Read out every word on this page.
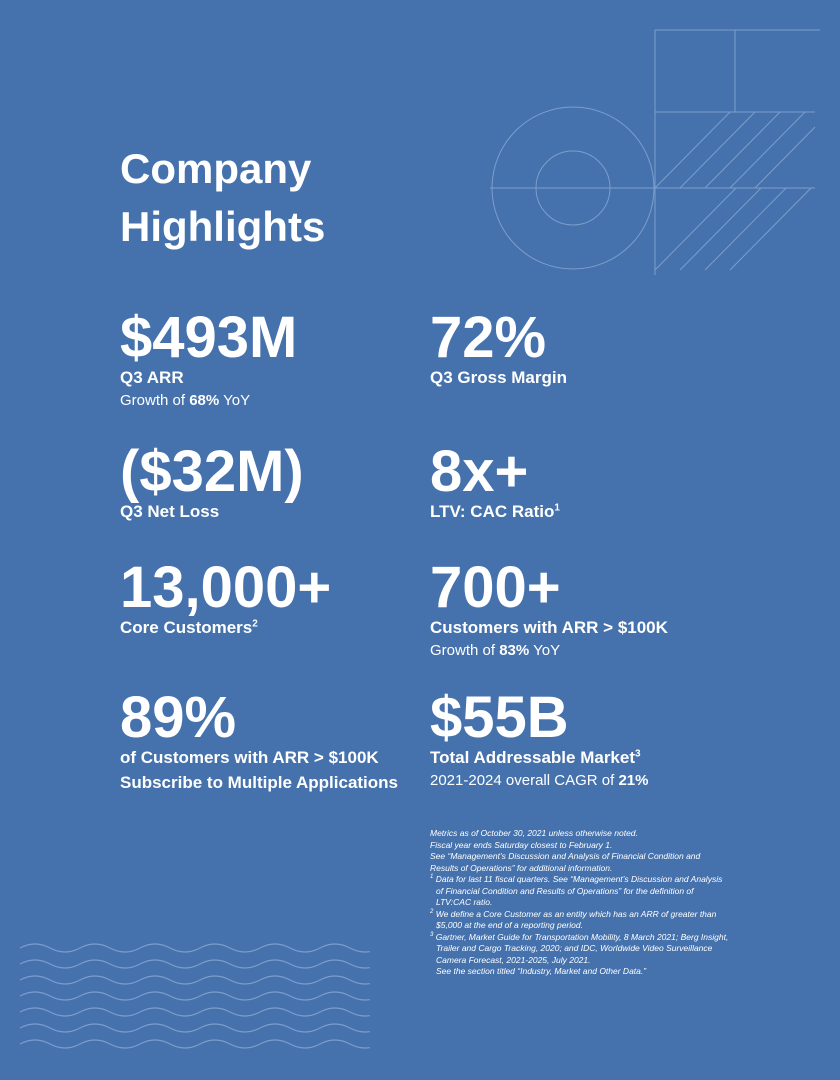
Company
Highlights
$493M
Q3 ARR
Growth of 68% YoY
72%
Q3 Gross Margin
($32M)
Q3 Net Loss
8x+
LTV: CAC Ratio$^1$
13,000+
Core Customers$^2$
700+
Customers with ARR > $100K
Growth of 83% YoY
89%
of Customers with ARR > $100K
Subscribe to Multiple Applications
$55B
Total Addressable Market$^3$
2021-2024 overall CAGR of 21%

Metrics as of October 30, 2021 unless otherwise noted.
Fiscal year ends Saturday closest to February 1.
See “Management’s Discussion and Analysis of Financial Condition and Results of Operations” for additional information.

$^1$ Data for last 11 fiscal quarters. See “Management’s Discussion and Analysis of Financial Condition and Results of Operations” for the definition of LTV:CAC ratio.

$^2$ We define a Core Customer as an entity which has an ARR of greater than $5,000 at the end of a reporting period.

$^3$ Gartner, Market Guide for Transportation Mobility, 8 March 2021; Berg Insight, Trailer and Cargo Tracking, 2020; and IDC, Worldwide Video Surveillance Camera Forecast, 2021-2025, July 2021.
See the section titled “Industry, Market and Other Data.”
